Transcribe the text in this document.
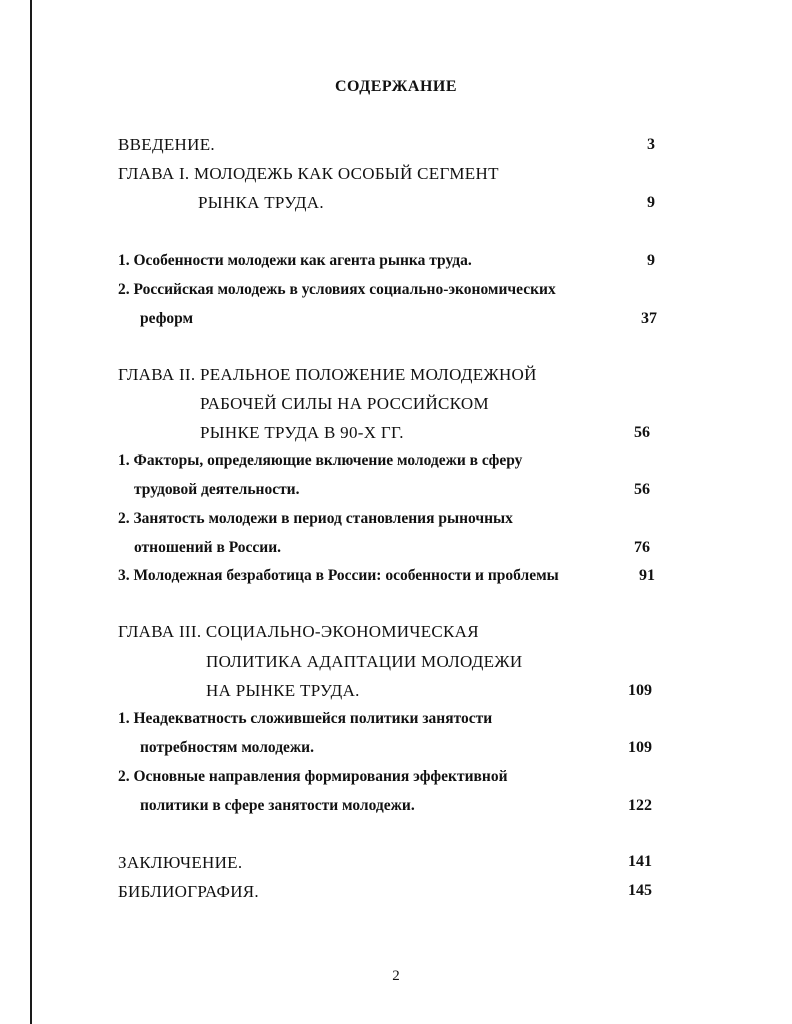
СОДЕРЖАНИЕ
ВВЕДЕНИЕ.	3
ГЛАВА I. МОЛОДЕЖЬ КАК ОСОБЫЙ СЕГМЕНТ
РЫНКА ТРУДА.	9
1. Особенности молодежи как агента рынка труда.	9
2. Российская молодежь в условиях социально-экономических
реформ	37
ГЛАВА II. РЕАЛЬНОЕ ПОЛОЖЕНИЕ МОЛОДЕЖНОЙ
РАБОЧЕЙ СИЛЫ НА РОССИЙСКОМ
РЫНКЕ ТРУДА В 90-Х ГГ.	56
1. Факторы, определяющие включение молодежи в сферу
трудовой деятельности.	56
2. Занятость молодежи в период становления рыночных
отношений в России.	76
3. Молодежная безработица в России: особенности и проблемы	91
ГЛАВА III. СОЦИАЛЬНО-ЭКОНОМИЧЕСКАЯ
ПОЛИТИКА АДАПТАЦИИ МОЛОДЕЖИ
НА РЫНКЕ ТРУДА.	109
1. Неадекватность сложившейся политики занятости
потребностям молодежи.	109
2. Основные направления формирования эффективной
политики в сфере занятости молодежи.	122
ЗАКЛЮЧЕНИЕ.	141
БИБЛИОГРАФИЯ.	145
2
